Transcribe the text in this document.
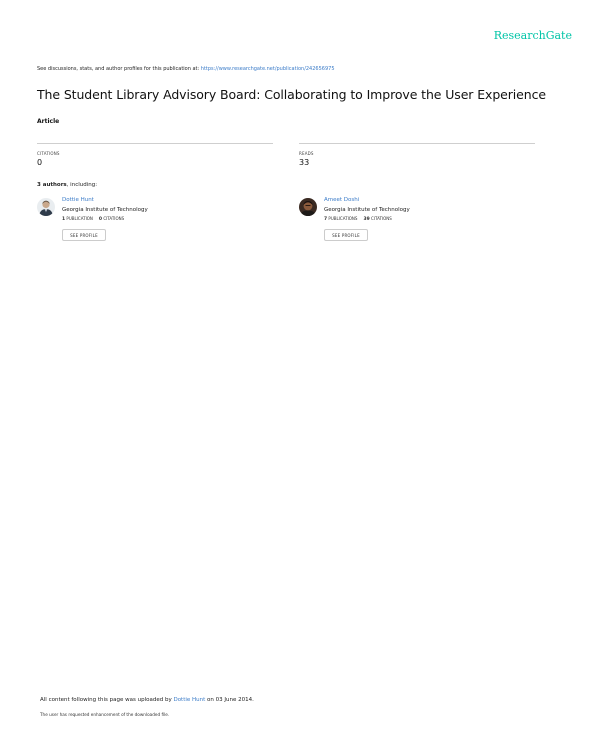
ResearchGate
See discussions, stats, and author profiles for this publication at: https://www.researchgate.net/publication/242656975
The Student Library Advisory Board: Collaborating to Improve the User Experience
Article
CITATIONS
0
READS
33
3 authors, including:
Dottie Hunt
Georgia Institute of Technology
1 PUBLICATION 0 CITATIONS
SEE PROFILE
Ameet Doshi
Georgia Institute of Technology
7 PUBLICATIONS 39 CITATIONS
SEE PROFILE
All content following this page was uploaded by Dottie Hunt on 03 June 2014.
The user has requested enhancement of the downloaded file.
